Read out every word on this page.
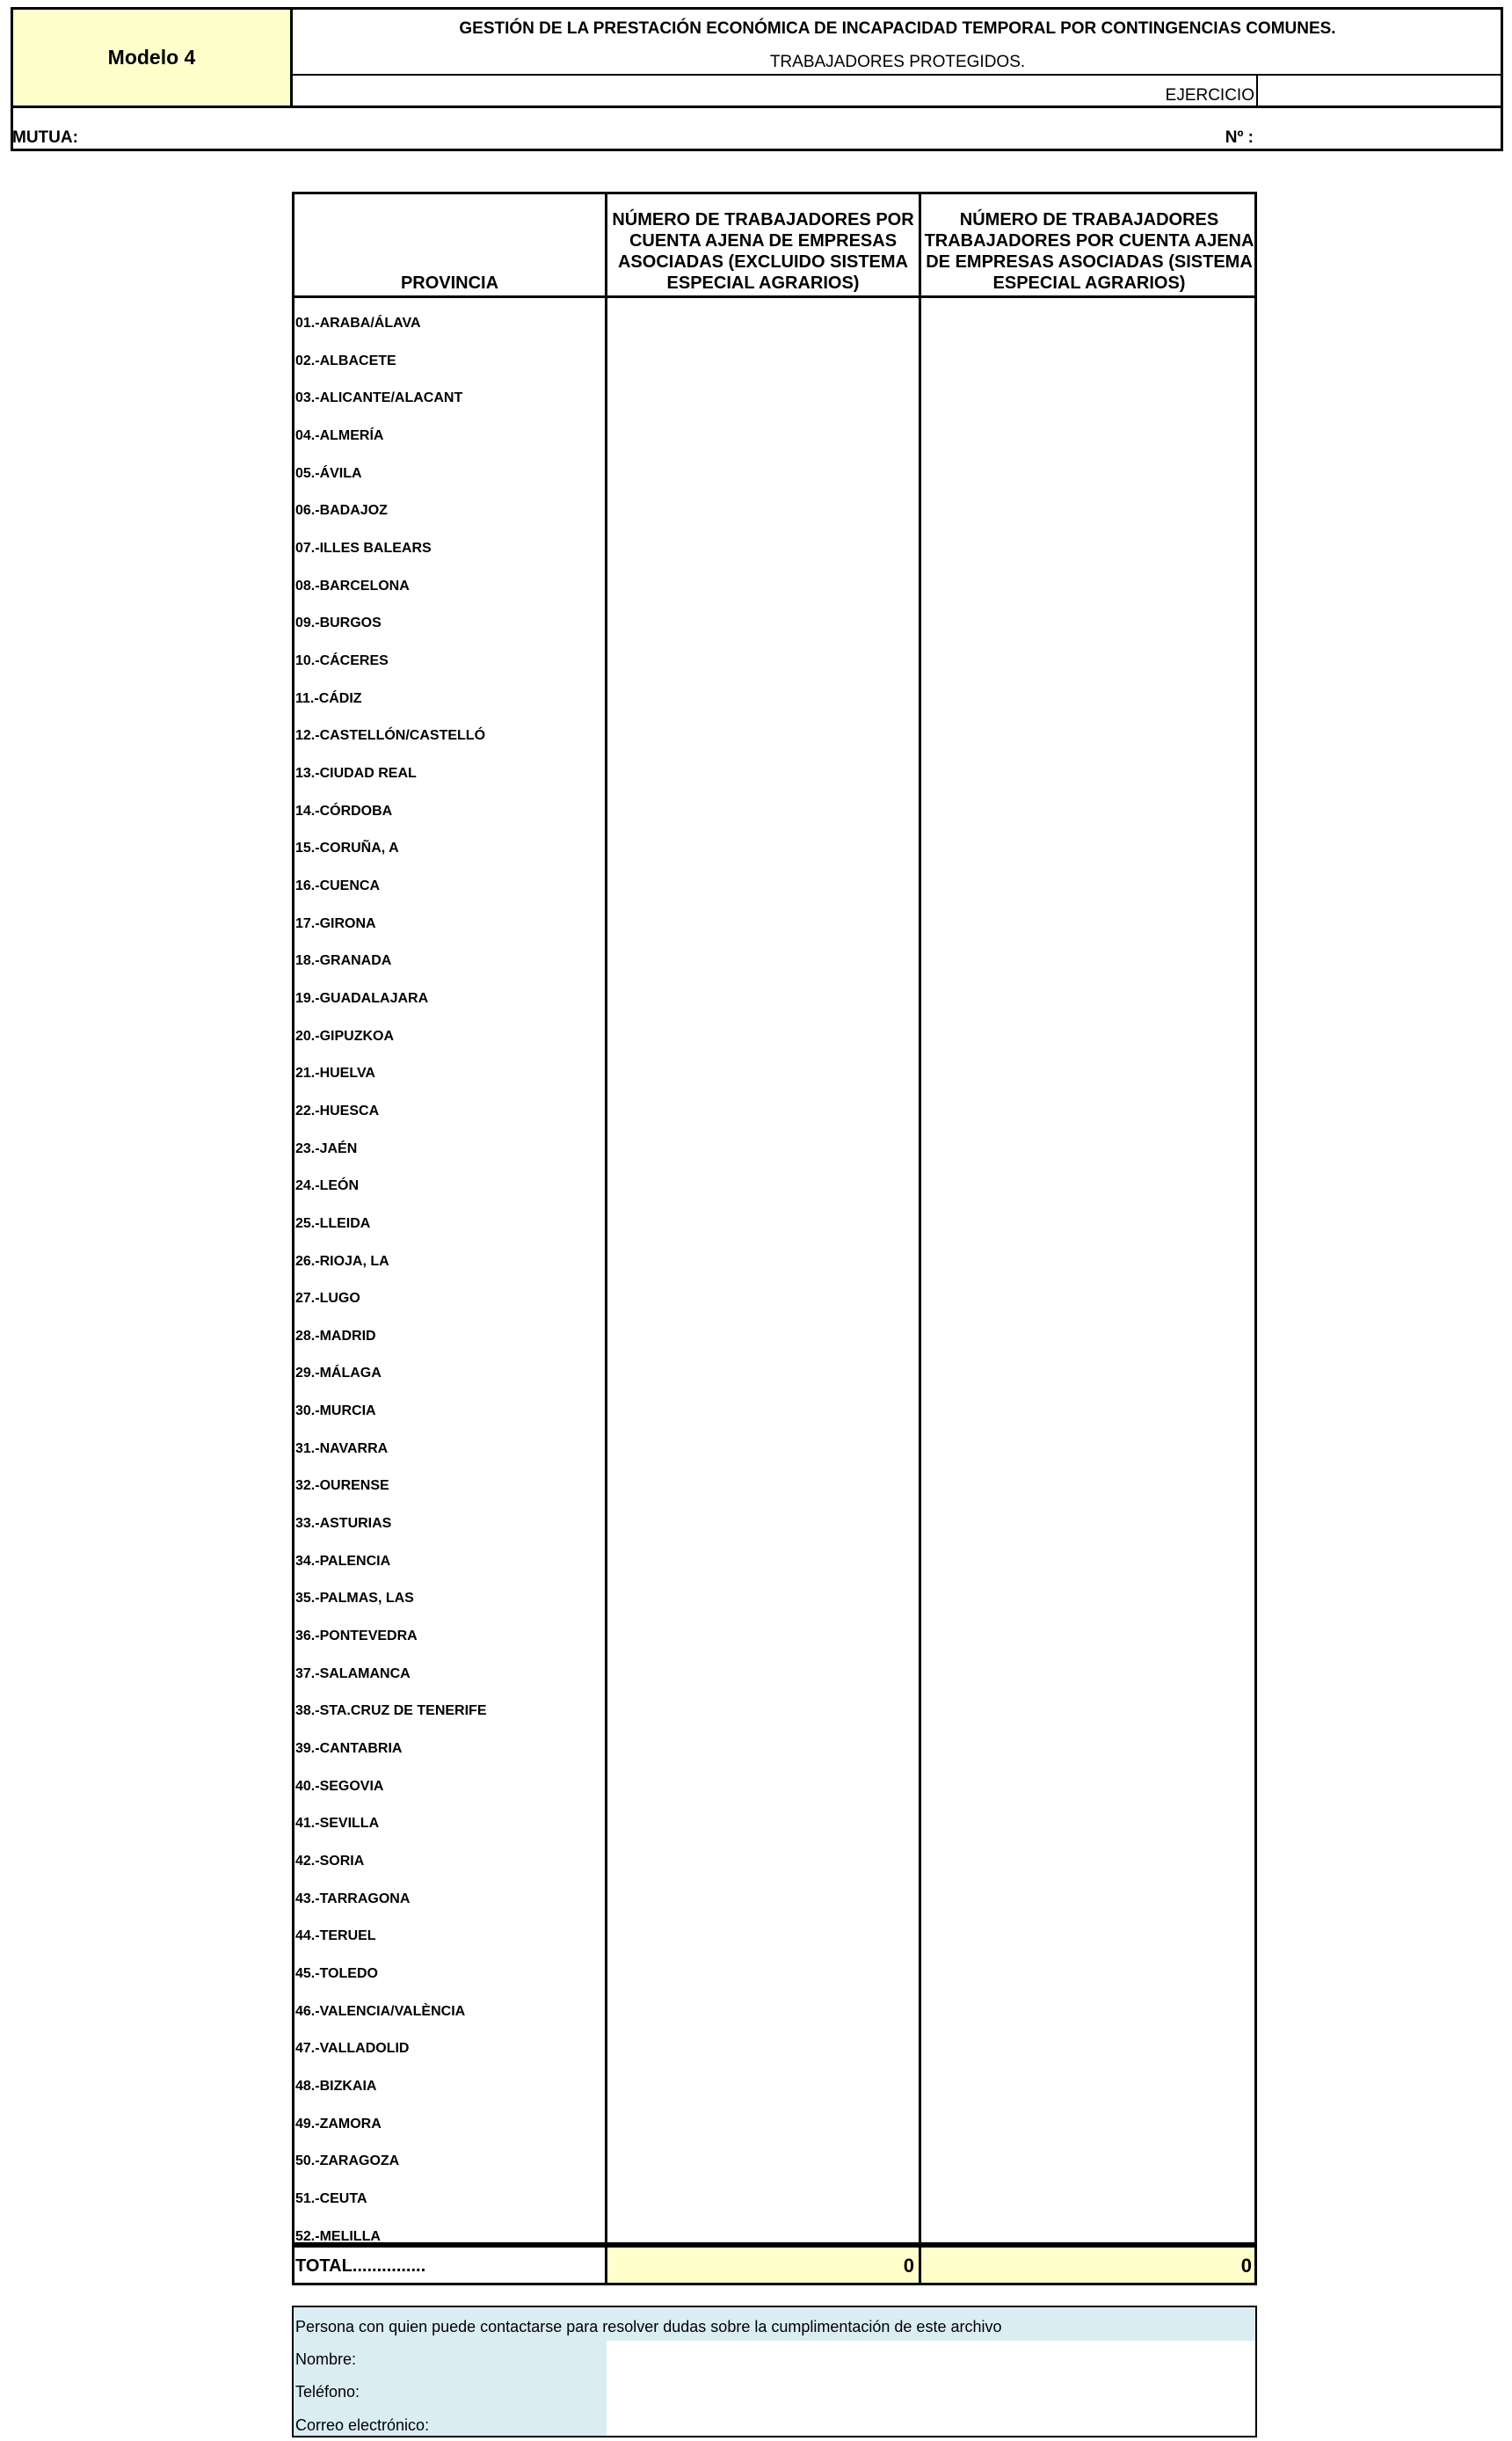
Modelo 4
GESTIÓN DE LA PRESTACIÓN ECONÓMICA DE INCAPACIDAD TEMPORAL POR CONTINGENCIAS COMUNES.
TRABAJADORES PROTEGIDOS.
EJERCICIO
MUTUA:	Nº :
PROVINCIA
NÚMERO DE TRABAJADORES POR CUENTA AJENA DE EMPRESAS ASOCIADAS (EXCLUIDO SISTEMA ESPECIAL AGRARIOS)
NÚMERO DE TRABAJADORES TRABAJADORES POR CUENTA AJENA DE EMPRESAS ASOCIADAS (SISTEMA ESPECIAL AGRARIOS)
01.-ARABA/ÁLAVA
02.-ALBACETE
03.-ALICANTE/ALACANT
04.-ALMERÍA
05.-ÁVILA
06.-BADAJOZ
07.-ILLES BALEARS
08.-BARCELONA
09.-BURGOS
10.-CÁCERES
11.-CÁDIZ
12.-CASTELLÓN/CASTELLÓ
13.-CIUDAD REAL
14.-CÓRDOBA
15.-CORUÑA, A
16.-CUENCA
17.-GIRONA
18.-GRANADA
19.-GUADALAJARA
20.-GIPUZKOA
21.-HUELVA
22.-HUESCA
23.-JAÉN
24.-LEÓN
25.-LLEIDA
26.-RIOJA, LA
27.-LUGO
28.-MADRID
29.-MÁLAGA
30.-MURCIA
31.-NAVARRA
32.-OURENSE
33.-ASTURIAS
34.-PALENCIA
35.-PALMAS, LAS
36.-PONTEVEDRA
37.-SALAMANCA
38.-STA.CRUZ DE TENERIFE
39.-CANTABRIA
40.-SEGOVIA
41.-SEVILLA
42.-SORIA
43.-TARRAGONA
44.-TERUEL
45.-TOLEDO
46.-VALENCIA/VALÈNCIA
47.-VALLADOLID
48.-BIZKAIA
49.-ZAMORA
50.-ZARAGOZA
51.-CEUTA
52.-MELILLA
TOTAL...............	0	0
Persona con quien puede contactarse para resolver dudas sobre la cumplimentación de este archivo
Nombre:
Teléfono:
Correo electrónico:
